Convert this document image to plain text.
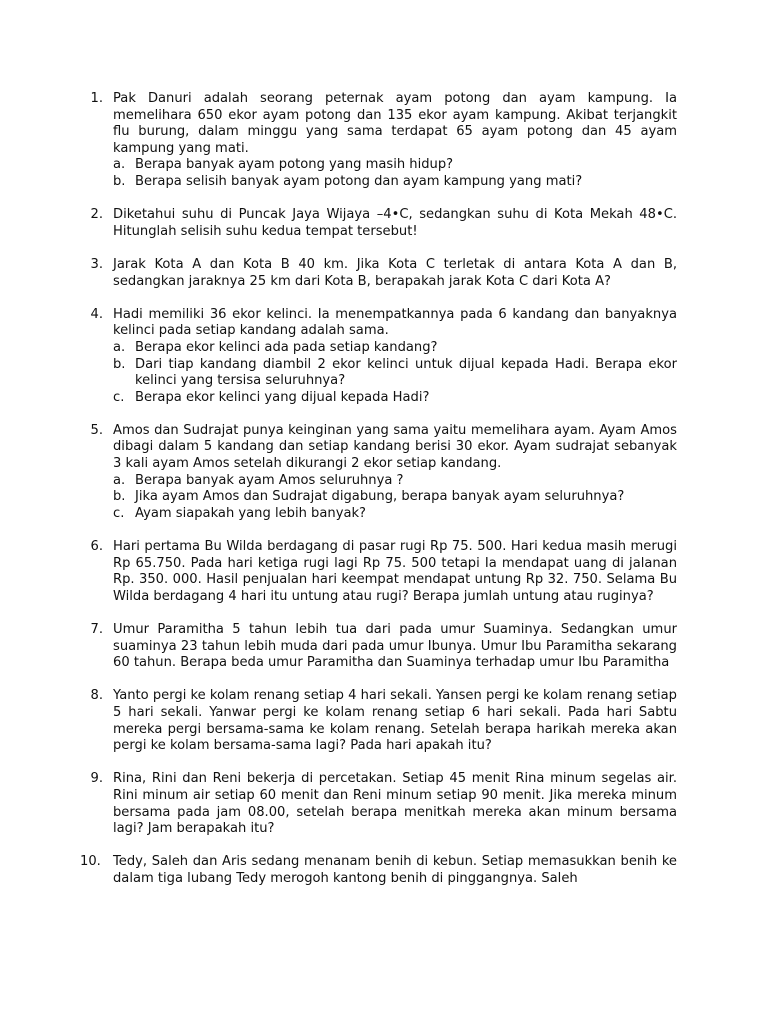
1. Pak Danuri adalah seorang peternak ayam potong dan ayam kampung. Ia memelihara 650 ekor ayam potong dan 135 ekor ayam kampung. Akibat terjangkit flu burung, dalam minggu yang sama terdapat 65 ayam potong dan 45 ayam kampung yang mati.
a. Berapa banyak ayam potong yang masih hidup?
b. Berapa selisih banyak ayam potong dan ayam kampung yang mati?
2. Diketahui suhu di Puncak Jaya Wijaya –4•C, sedangkan suhu di Kota Mekah 48•C. Hitunglah selisih suhu kedua tempat tersebut!
3. Jarak Kota A dan Kota B 40 km. Jika Kota C terletak di antara Kota A dan B, sedangkan jaraknya 25 km dari Kota B, berapakah jarak Kota C dari Kota A?
4. Hadi memiliki 36 ekor kelinci. Ia menempatkannya pada 6 kandang dan banyaknya kelinci pada setiap kandang adalah sama.
a. Berapa ekor kelinci ada pada setiap kandang?
b. Dari tiap kandang diambil 2 ekor kelinci untuk dijual kepada Hadi. Berapa ekor kelinci yang tersisa seluruhnya?
c. Berapa ekor kelinci yang dijual kepada Hadi?
5. Amos dan Sudrajat punya keinginan yang sama yaitu memelihara ayam. Ayam Amos dibagi dalam 5 kandang dan setiap kandang berisi 30 ekor. Ayam sudrajat sebanyak 3 kali ayam Amos setelah dikurangi 2 ekor setiap kandang.
a. Berapa banyak ayam Amos seluruhnya ?
b. Jika ayam Amos dan Sudrajat digabung, berapa banyak ayam seluruhnya?
c. Ayam siapakah yang lebih banyak?
6. Hari pertama Bu Wilda berdagang di pasar rugi Rp 75. 500. Hari kedua masih merugi Rp 65.750. Pada hari ketiga rugi lagi Rp 75. 500 tetapi Ia mendapat uang di jalanan Rp. 350. 000. Hasil penjualan hari keempat mendapat untung Rp 32. 750. Selama Bu Wilda berdagang 4 hari itu untung atau rugi? Berapa jumlah untung atau ruginya?
7. Umur Paramitha 5 tahun lebih tua dari pada umur Suaminya. Sedangkan umur suaminya 23 tahun lebih muda dari pada umur Ibunya. Umur Ibu Paramitha sekarang 60 tahun. Berapa beda umur Paramitha dan Suaminya terhadap umur Ibu Paramitha
8. Yanto pergi ke kolam renang setiap 4 hari sekali. Yansen pergi ke kolam renang setiap 5 hari sekali. Yanwar pergi ke kolam renang setiap 6 hari sekali. Pada hari Sabtu mereka pergi bersama-sama ke kolam renang. Setelah berapa harikah mereka akan pergi ke kolam bersama-sama lagi? Pada hari apakah itu?
9. Rina, Rini dan Reni bekerja di percetakan. Setiap 45 menit Rina minum segelas air. Rini minum air setiap 60 menit dan Reni minum setiap 90 menit. Jika mereka minum bersama pada jam 08.00, setelah berapa menitkah mereka akan minum bersama lagi? Jam berapakah itu?
10. Tedy, Saleh dan Aris sedang menanam benih di kebun. Setiap memasukkan benih ke dalam tiga lubang Tedy merogoh kantong benih di pinggangnya. Saleh
